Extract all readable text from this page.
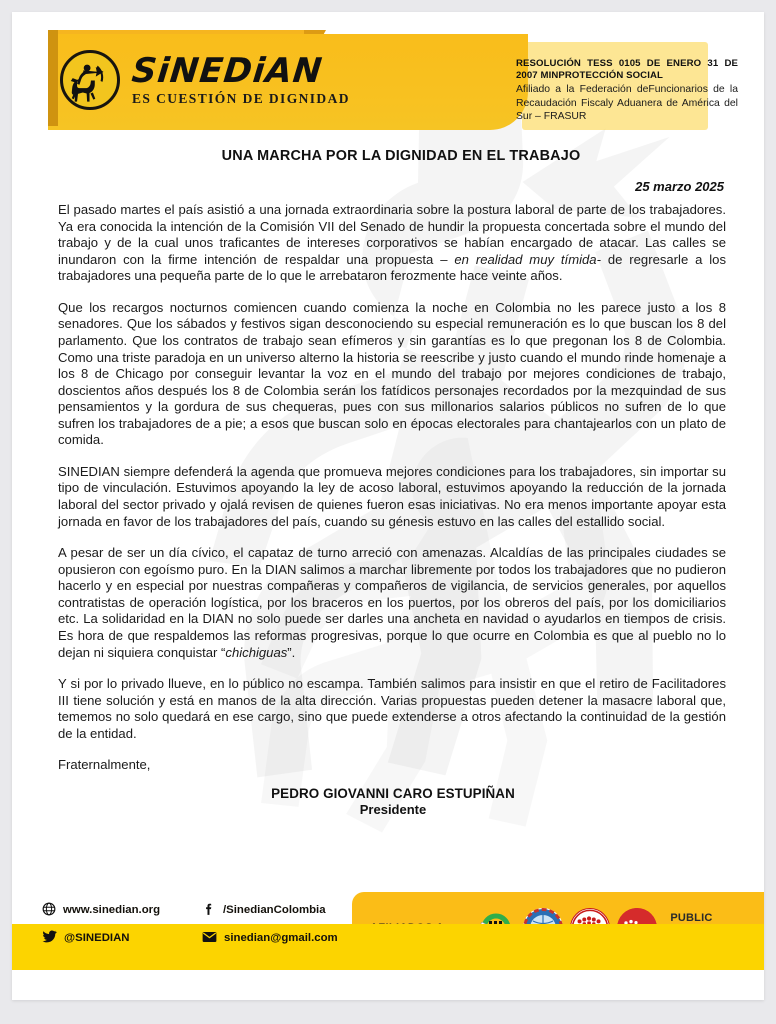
SiNEDiAN
ES CUESTIÓN DE DIGNIDAD
RESOLUCIÓN TESS 0105 DE ENERO 31 DE 2007 MINPROTECCIÓN SOCIAL
Afiliado a la Federación deFuncionarios de la Recaudación Fiscaly Aduanera de América del Sur – FRASUR
UNA MARCHA POR LA DIGNIDAD EN EL TRABAJO
25 marzo 2025

El pasado martes el país asistió a una jornada extraordinaria sobre la postura laboral de parte de los trabajadores. Ya era conocida la intención de la Comisión VII del Senado de hundir la propuesta concertada sobre el mundo del trabajo y de la cual unos traficantes de intereses corporativos se habían encargado de atacar. Las calles se inundaron con la firme intención de respaldar una propuesta – en realidad muy tímida- de regresarle a los trabajadores una pequeña parte de lo que le arrebataron ferozmente hace veinte años.

Que los recargos nocturnos comiencen cuando comienza la noche en Colombia no les parece justo a los 8 senadores. Que los sábados y festivos sigan desconociendo su especial remuneración es lo que buscan los 8 del parlamento. Que los contratos de trabajo sean efímeros y sin garantías es lo que pregonan los 8 de Colombia. Como una triste paradoja en un universo alterno la historia se reescribe y justo cuando el mundo rinde homenaje a los 8 de Chicago por conseguir levantar la voz en el mundo del trabajo por mejores condiciones de trabajo, doscientos años después los 8 de Colombia serán los fatídicos personajes recordados por la mezquindad de sus pensamientos y la gordura de sus chequeras, pues con sus millonarios salarios públicos no sufren de lo que sufren los trabajadores de a pie; a esos que buscan solo en épocas electorales para chantajearlos con un plato de comida.

SINEDIAN siempre defenderá la agenda que promueva mejores condiciones para los trabajadores, sin importar su tipo de vinculación. Estuvimos apoyando la ley de acoso laboral, estuvimos apoyando la reducción de la jornada laboral del sector privado y ojalá revisen de quienes fueron esas iniciativas. No era menos importante apoyar esta jornada en favor de los trabajadores del país, cuando su génesis estuvo en las calles del estallido social.

A pesar de ser un día cívico, el capataz de turno arreció con amenazas. Alcaldías de las principales ciudades se opusieron con egoísmo puro. En la DIAN salimos a marchar libremente por todos los trabajadores que no pudieron hacerlo y en especial por nuestras compañeras y compañeros de vigilancia, de servicios generales, por aquellos contratistas de operación logística, por los braceros en los puertos, por los obreros del país, por los domiciliarios etc. La solidaridad en la DIAN no solo puede ser darles una ancheta en navidad o ayudarlos en tiempos de crisis. Es hora de que respaldemos las reformas progresivas, porque lo que ocurre en Colombia es que al pueblo no lo dejan ni siquiera conquistar “chichiguas”.

Y si por lo privado llueve, en lo público no escampa. También salimos para insistir en que el retiro de Facilitadores III tiene solución y está en manos de la alta dirección. Varias propuestas pueden detener la masacre laboral que, tememos no solo quedará en ese cargo, sino que puede extenderse a otros afectando la continuidad de la gestión de la entidad.

Fraternalmente,
PEDRO GIOVANNI CARO ESTUPIÑAN
Presidente
PUBLIC
www.sinedian.org	/SinedianColombia
@SINEDIAN	sinedian@gmail.com
